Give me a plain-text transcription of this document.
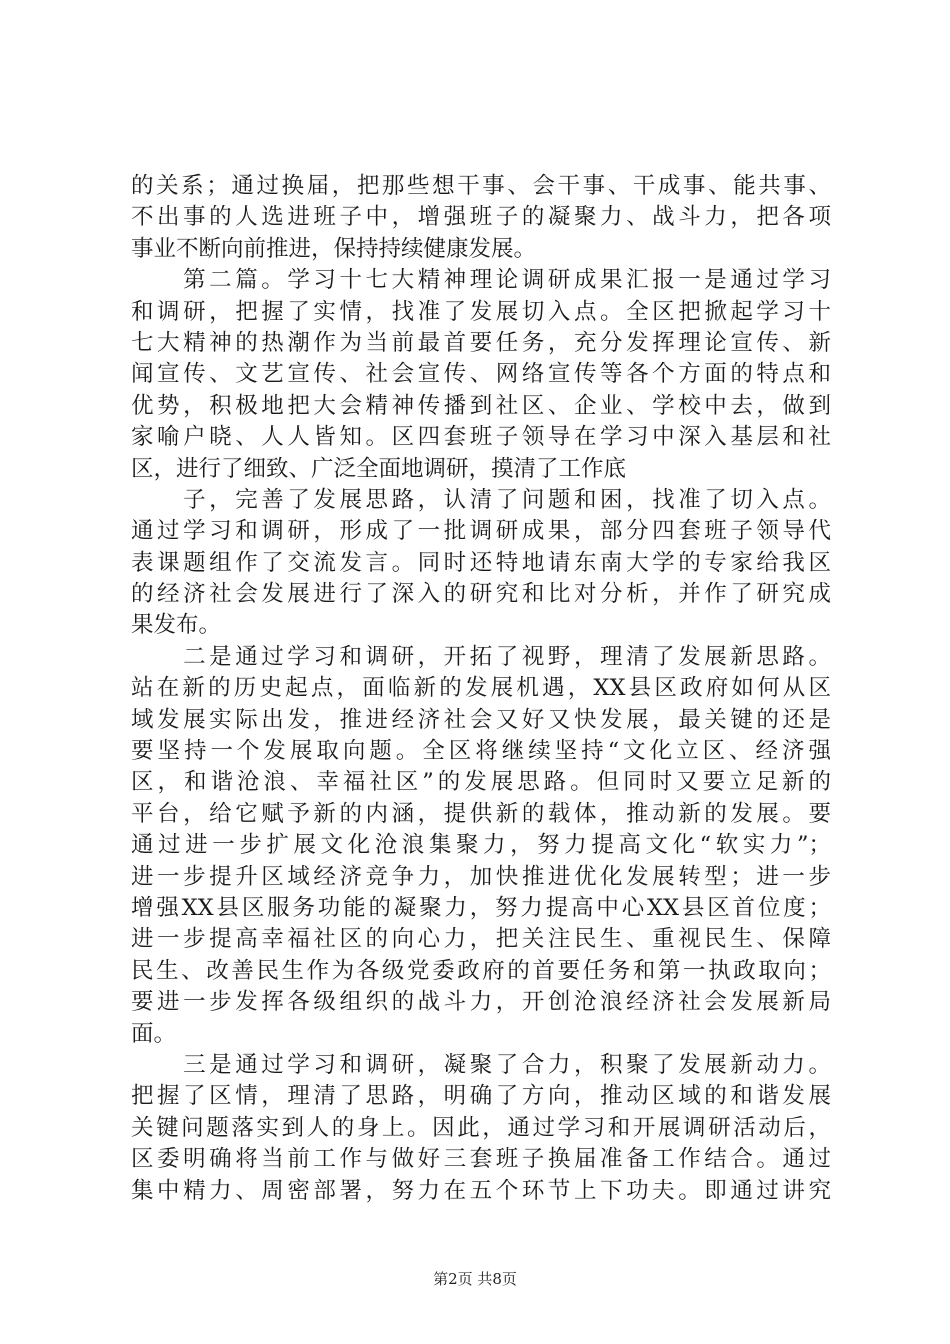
的关系；通过换届，把那些想干事、会干事、干成事、能共事、
不出事的人选进班子中，增强班子的凝聚力、战斗力，把各项
事业不断向前推进，保持持续健康发展。
　　第二篇。学习十七大精神理论调研成果汇报一是通过学习
和调研，把握了实情，找准了发展切入点。全区把掀起学习十
七大精神的热潮作为当前最首要任务，充分发挥理论宣传、新
闻宣传、文艺宣传、社会宣传、网络宣传等各个方面的特点和
优势，积极地把大会精神传播到社区、企业、学校中去，做到
家喻户晓、人人皆知。区四套班子领导在学习中深入基层和社
区，进行了细致、广泛全面地调研，摸清了工作底
　　子，完善了发展思路，认清了问题和困，找准了切入点。
通过学习和调研，形成了一批调研成果，部分四套班子领导代
表课题组作了交流发言。同时还特地请东南大学的专家给我区
的经济社会发展进行了深入的研究和比对分析，并作了研究成
果发布。
　　二是通过学习和调研，开拓了视野，理清了发展新思路。
站在新的历史起点，面临新的发展机遇，XX县区政府如何从区
域发展实际出发，推进经济社会又好又快发展，最关键的还是
要坚持一个发展取向题。全区将继续坚持“文化立区、经济强
区，和谐沧浪、幸福社区”的发展思路。但同时又要立足新的
平台，给它赋予新的内涵，提供新的载体，推动新的发展。要
通过进一步扩展文化沧浪集聚力，努力提高文化“软实力”；
进一步提升区域经济竞争力，加快推进优化发展转型；进一步
增强XX县区服务功能的凝聚力，努力提高中心XX县区首位度；
进一步提高幸福社区的向心力，把关注民生、重视民生、保障
民生、改善民生作为各级党委政府的首要任务和第一执政取向；
要进一步发挥各级组织的战斗力，开创沧浪经济社会发展新局
面。
　　三是通过学习和调研，凝聚了合力，积聚了发展新动力。
把握了区情，理清了思路，明确了方向，推动区域的和谐发展
关键问题落实到人的身上。因此，通过学习和开展调研活动后，
区委明确将当前工作与做好三套班子换届准备工作结合。通过
集中精力、周密部署，努力在五个环节上下功夫。即通过讲究
第2页 共8页
